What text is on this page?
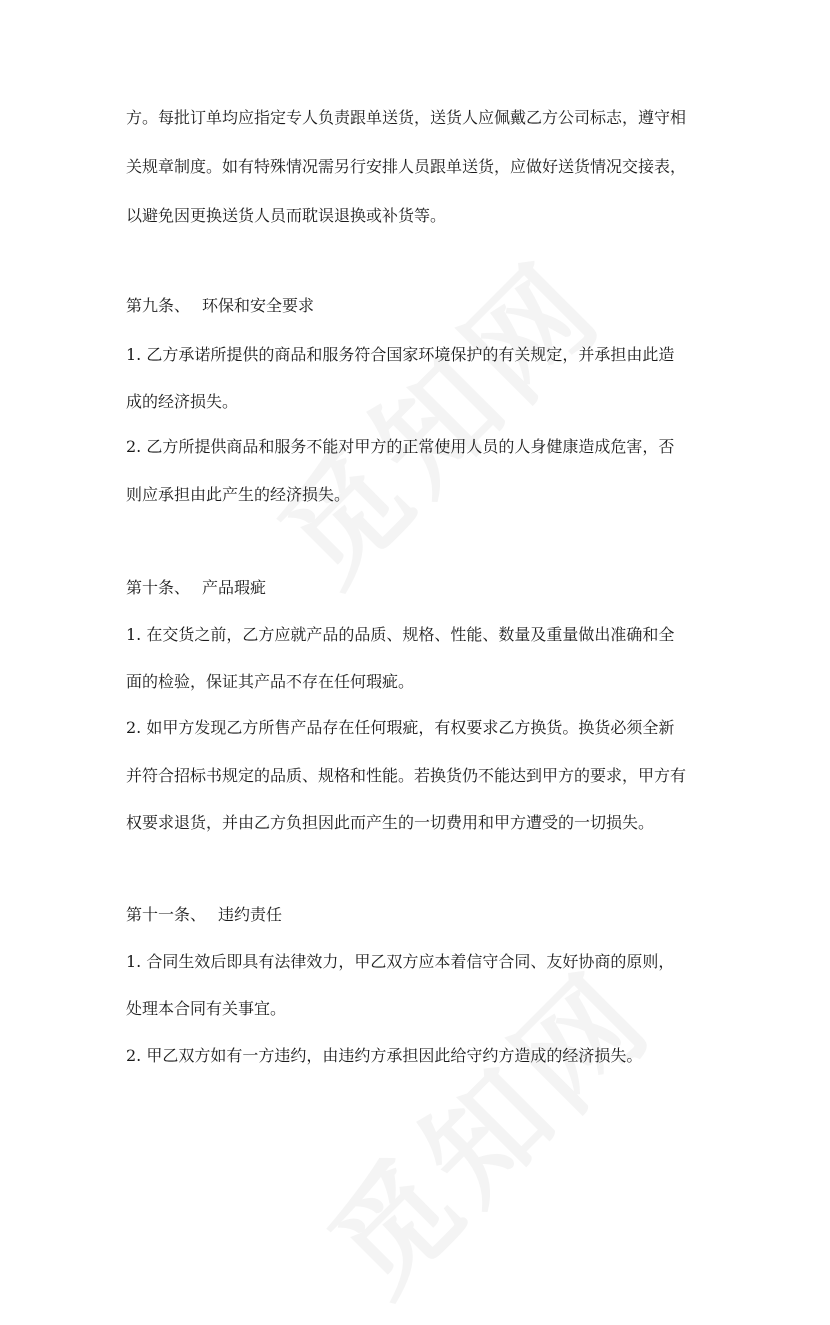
方。每批订单均应指定专人负责跟单送货，送货人应佩戴乙方公司标志，遵守相
关规章制度。如有特殊情况需另行安排人员跟单送货，应做好送货情况交接表，
以避免因更换送货人员而耽误退换或补货等。
第九条、 环保和安全要求
1. 乙方承诺所提供的商品和服务符合国家环境保护的有关规定，并承担由此造
成的经济损失。
2. 乙方所提供商品和服务不能对甲方的正常使用人员的人身健康造成危害，否
则应承担由此产生的经济损失。
第十条、 产品瑕疵
1. 在交货之前，乙方应就产品的品质、规格、性能、数量及重量做出准确和全
面的检验，保证其产品不存在任何瑕疵。
2. 如甲方发现乙方所售产品存在任何瑕疵，有权要求乙方换货。换货必须全新
并符合招标书规定的品质、规格和性能。若换货仍不能达到甲方的要求，甲方有
权要求退货，并由乙方负担因此而产生的一切费用和甲方遭受的一切损失。
第十一条、 违约责任
1. 合同生效后即具有法律效力，甲乙双方应本着信守合同、友好协商的原则，
处理本合同有关事宜。
2. 甲乙双方如有一方违约，由违约方承担因此给守约方造成的经济损失。
